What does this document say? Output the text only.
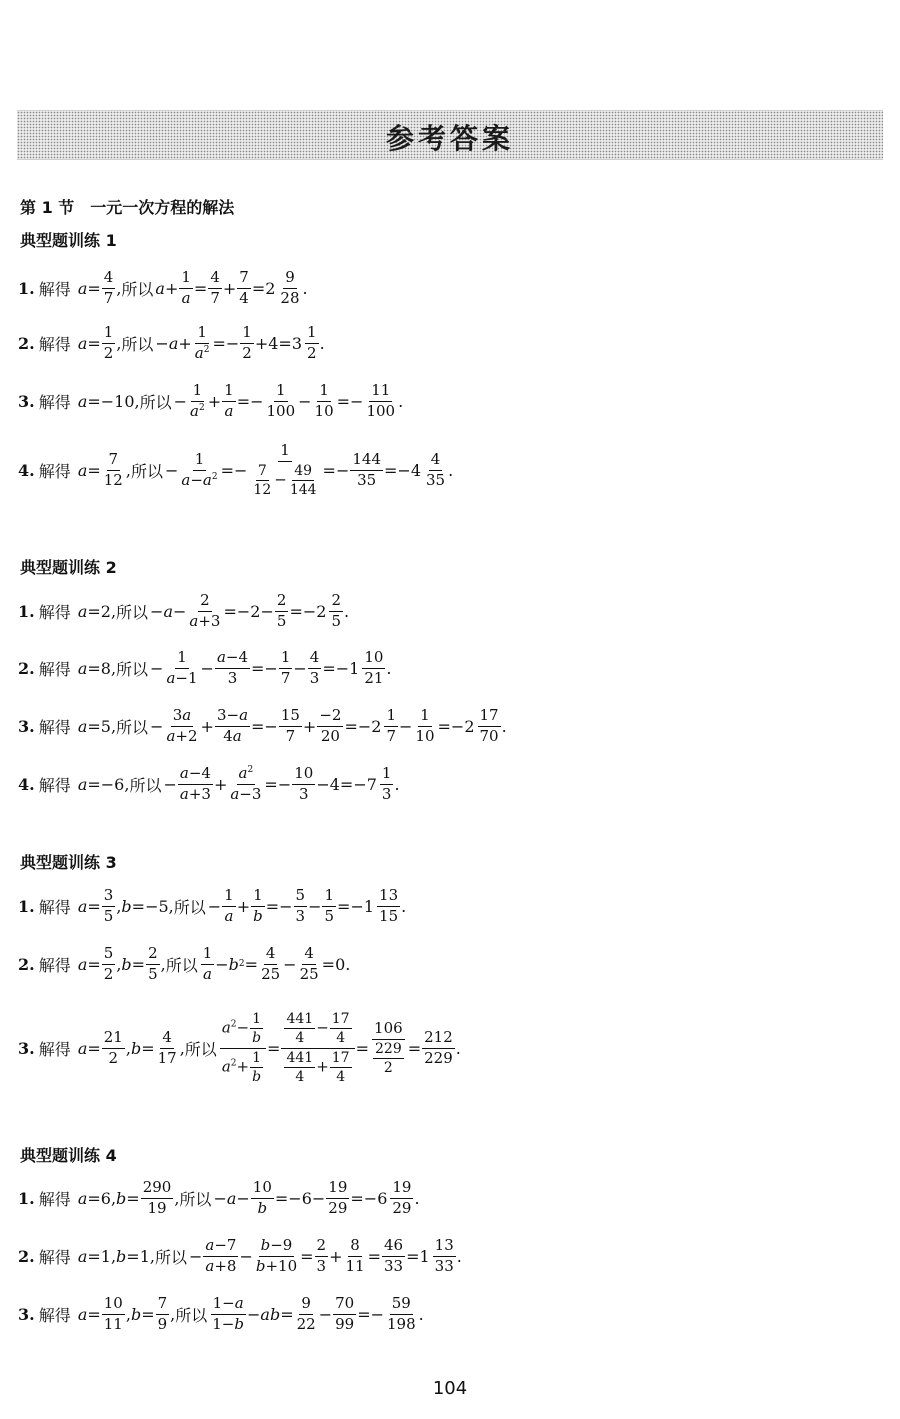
参考答案
第 1 节　一元一次方程的解法
典型题训练 1
1. 解得
a =
4
7 , 所以 a +
1
a =
4
7 +
7
4 = 2
9
28 .
2. 解得
a =
1
2 , 所以 − a +
1
$a^2$ =−
1
2 +4= 3
1
2 .
3. 解得
a =−10, 所以 −
1
$a^2$ +
1
a =−
1
100 −
1
10 =−
11
100 .
4. 解得
a =
7
12 , 所以 −
1
$a-a^2$ =−
1
$\frac{7}{12} - \frac{49}{144}$ =−
144
35 =− 4
4
35 .
典型题训练 2
1. 解得
a =2, 所以 − a −
2
a+3 =−2−
2
5 =− 2
2
5 .
2. 解得
a =8, 所以 −
1
a−1 −
a−4
3 =−
1
7 −
4
3 =− 1
10
21 .
3. 解得
a =5, 所以 −
3a
a+2 +
3−a
4a =−
15
7 +
−2
20 =− 2
1
7 −
1
10 =− 2
17
70 .
4. 解得
a =−6, 所以 −
a−4
a+3 +
$a^2$
a−3 =−
10
3 −4=− 7
1
3 .
典型题训练 3
1. 解得
a =
3
5 , b =−5, 所以 −
1
a +
1
b =−
5
3 −
1
5 =− 1
13
15 .
2. 解得
a =
5
2 , b =
2
5 , 所以
1
a − b 2 =
4
25 −
4
25 =0.
3. 解得
a =
21
2 , b =
4
17 , 所以
$a^2- \frac{1}{b}$
$a^2+ \frac{1}{b}$
=
$\frac{441}{4} - \frac{17}{4}$
$\frac{441}{4} + \frac{17}{4}$
=
106
$\frac{229}{2}$ =
212
229 .
典型题训练 4
1. 解得
a =6, b =
290
19 , 所以 − a −
10
b =−6−
19
29 =− 6
19
29 .
2. 解得
a =1, b =1, 所以 −
a−7
a+8 −
b−9
b+10 =
2
3 +
8
11 =
46
33 = 1
13
33 .
3. 解得
a =
10
11 , b =
7
9 , 所以
1−a
1−b − ab =
9
22 −
70
99 =−
59
198 .
104
